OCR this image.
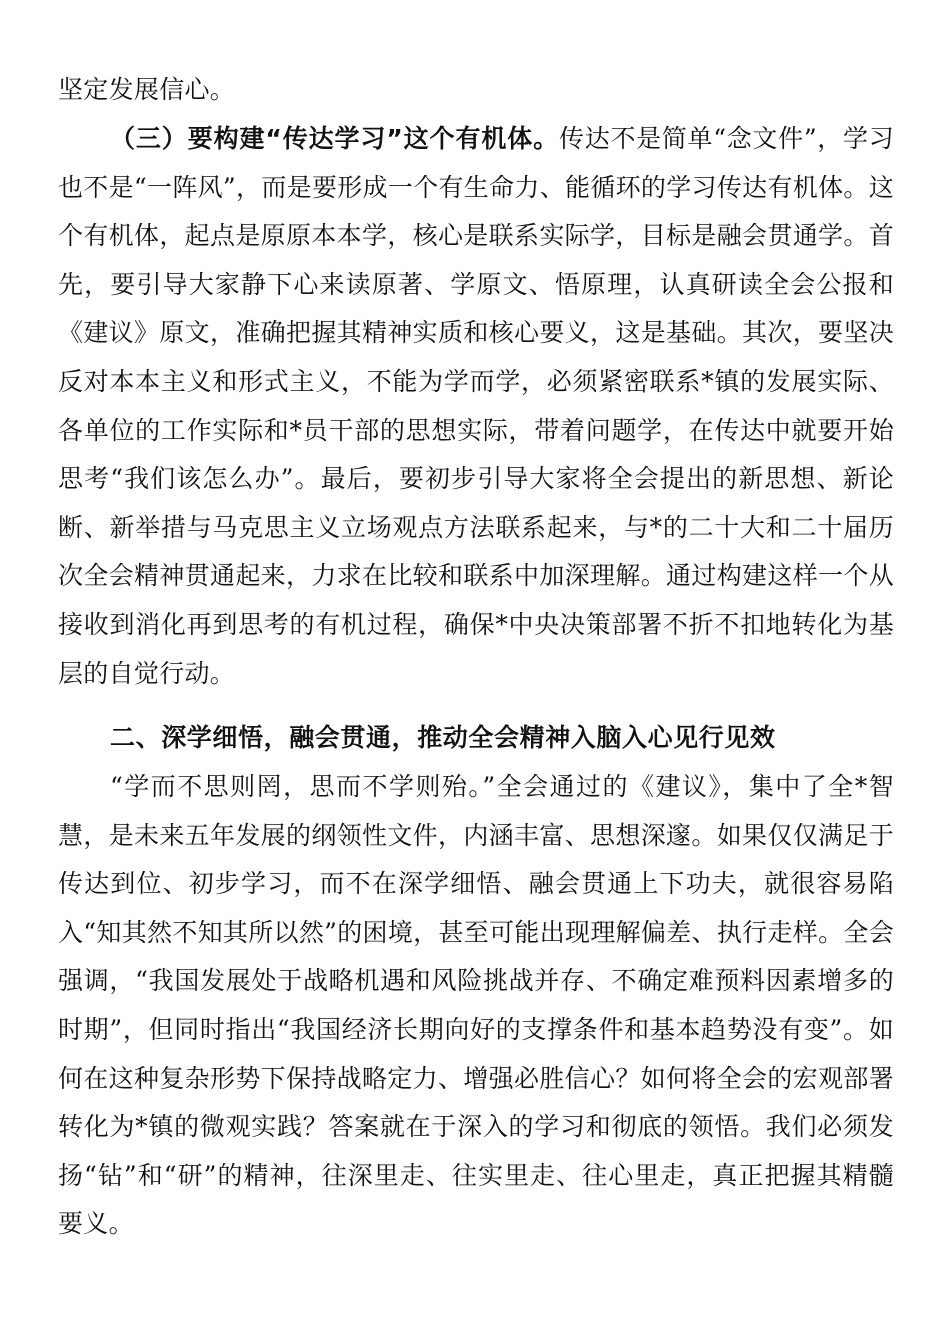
坚定发展信心。

（三）要构建“传达学习”这个有机体。传达不是简单“念文件”，学习也不是“一阵风”，而是要形成一个有生命力、能循环的学习传达有机体。这个有机体，起点是原原本本学，核心是联系实际学，目标是融会贯通学。首先，要引导大家静下心来读原著、学原文、悟原理，认真研读全会公报和《建议》原文，准确把握其精神实质和核心要义，这是基础。其次，要坚决反对本本主义和形式主义，不能为学而学，必须紧密联系*镇的发展实际、各单位的工作实际和*员干部的思想实际，带着问题学，在传达中就要开始思考“我们该怎么办”。最后，要初步引导大家将全会提出的新思想、新论断、新举措与马克思主义立场观点方法联系起来，与*的二十大和二十届历次全会精神贯通起来，力求在比较和联系中加深理解。通过构建这样一个从接收到消化再到思考的有机过程，确保*中央决策部署不折不扣地转化为基层的自觉行动。

二、深学细悟，融会贯通，推动全会精神入脑入心见行见效

“学而不思则罔，思而不学则殆。”全会通过的《建议》，集中了全*智慧，是未来五年发展的纲领性文件，内涵丰富、思想深邃。如果仅仅满足于传达到位、初步学习，而不在深学细悟、融会贯通上下功夫，就很容易陷入“知其然不知其所以然”的困境，甚至可能出现理解偏差、执行走样。全会强调，“我国发展处于战略机遇和风险挑战并存、不确定难预料因素增多的时期”，但同时指出“我国经济长期向好的支撑条件和基本趋势没有变”。如何在这种复杂形势下保持战略定力、增强必胜信心？如何将全会的宏观部署转化为*镇的微观实践？答案就在于深入的学习和彻底的领悟。我们必须发扬“钻”和“研”的精神，往深里走、往实里走、往心里走，真正把握其精髓要义。
